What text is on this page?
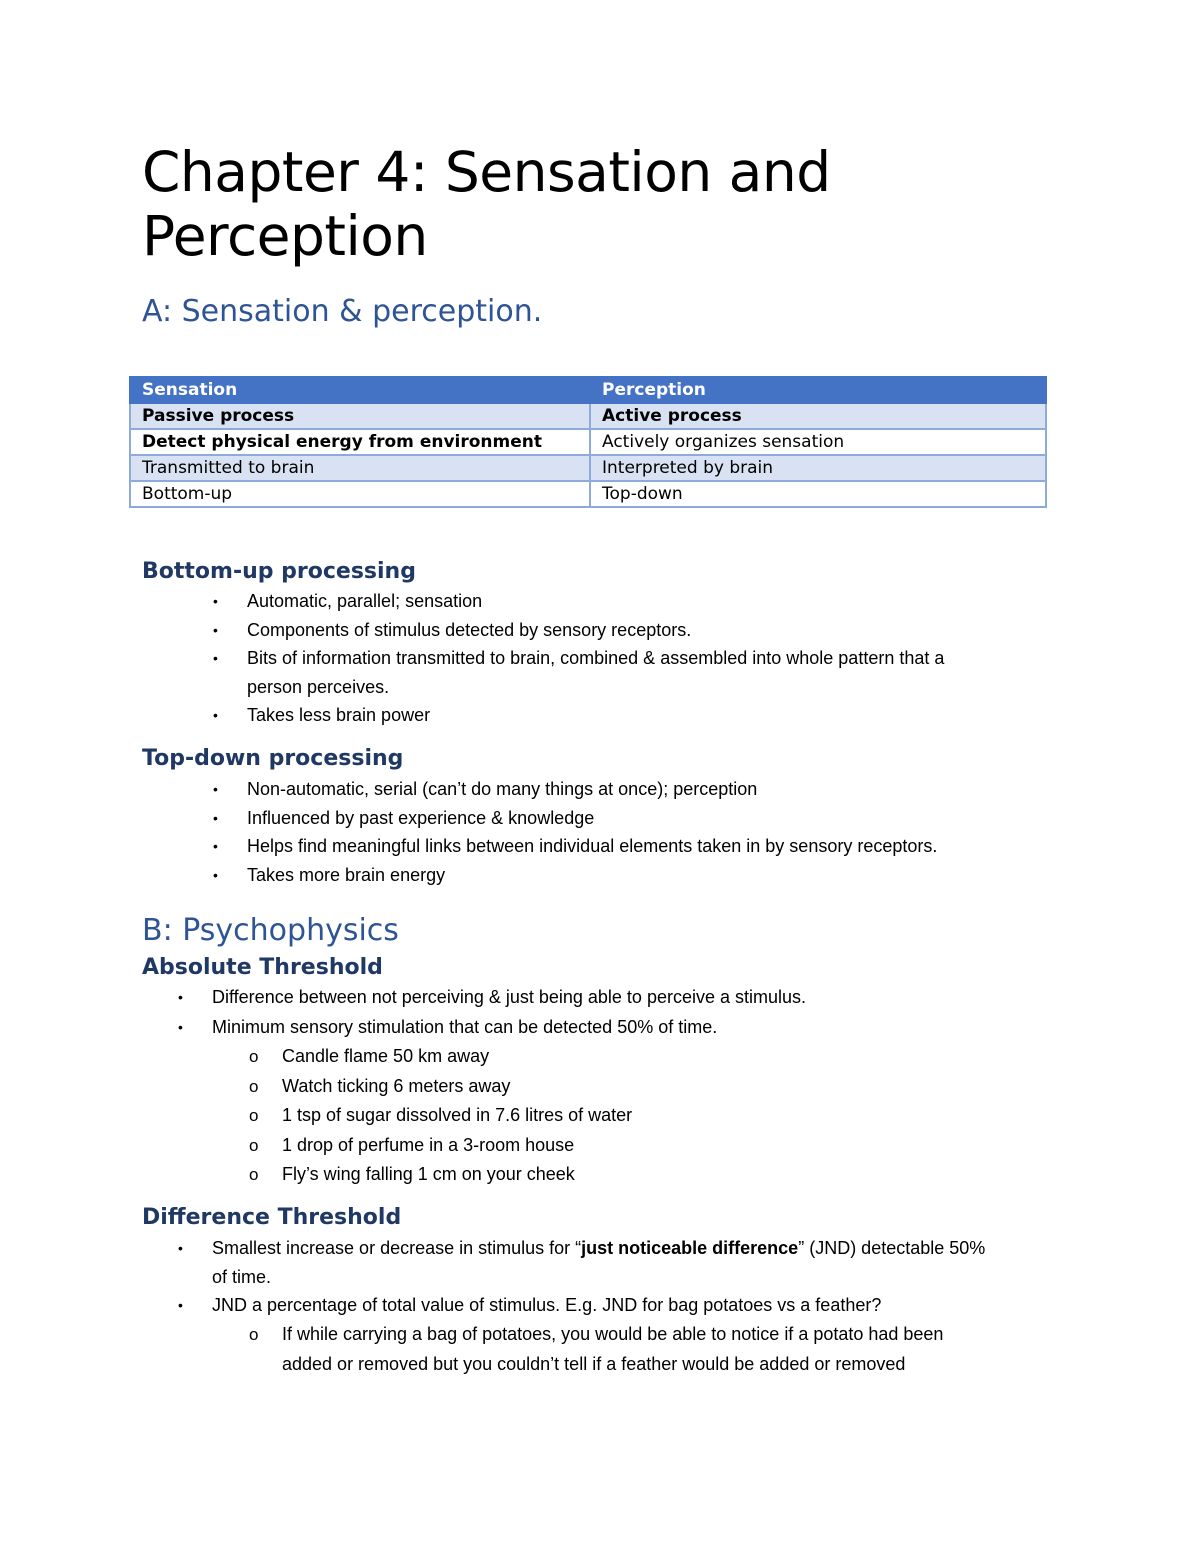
Chapter 4: Sensation and Perception
A: Sensation & perception.
Sensation	Perception
Passive process	Active process
Detect physical energy from environment	Actively organizes sensation
Transmitted to brain	Interpreted by brain
Bottom-up	Top-down
Bottom-up processing
• Automatic, parallel; sensation
• Components of stimulus detected by sensory receptors.
• Bits of information transmitted to brain, combined & assembled into whole pattern that a
person perceives.
• Takes less brain power
Top-down processing
• Non-automatic, serial (can’t do many things at once); perception
• Influenced by past experience & knowledge
• Helps find meaningful links between individual elements taken in by sensory receptors.
• Takes more brain energy
B: Psychophysics
Absolute Threshold
• Difference between not perceiving & just being able to perceive a stimulus.
• Minimum sensory stimulation that can be detected 50% of time.
o Candle flame 50 km away
o Watch ticking 6 meters away
o 1 tsp of sugar dissolved in 7.6 litres of water
o 1 drop of perfume in a 3-room house
o Fly’s wing falling 1 cm on your cheek
Difference Threshold
• Smallest increase or decrease in stimulus for “just noticeable difference” (JND) detectable 50%
of time.
• JND a percentage of total value of stimulus. E.g. JND for bag potatoes vs a feather?
o If while carrying a bag of potatoes, you would be able to notice if a potato had been
added or removed but you couldn’t tell if a feather would be added or removed
